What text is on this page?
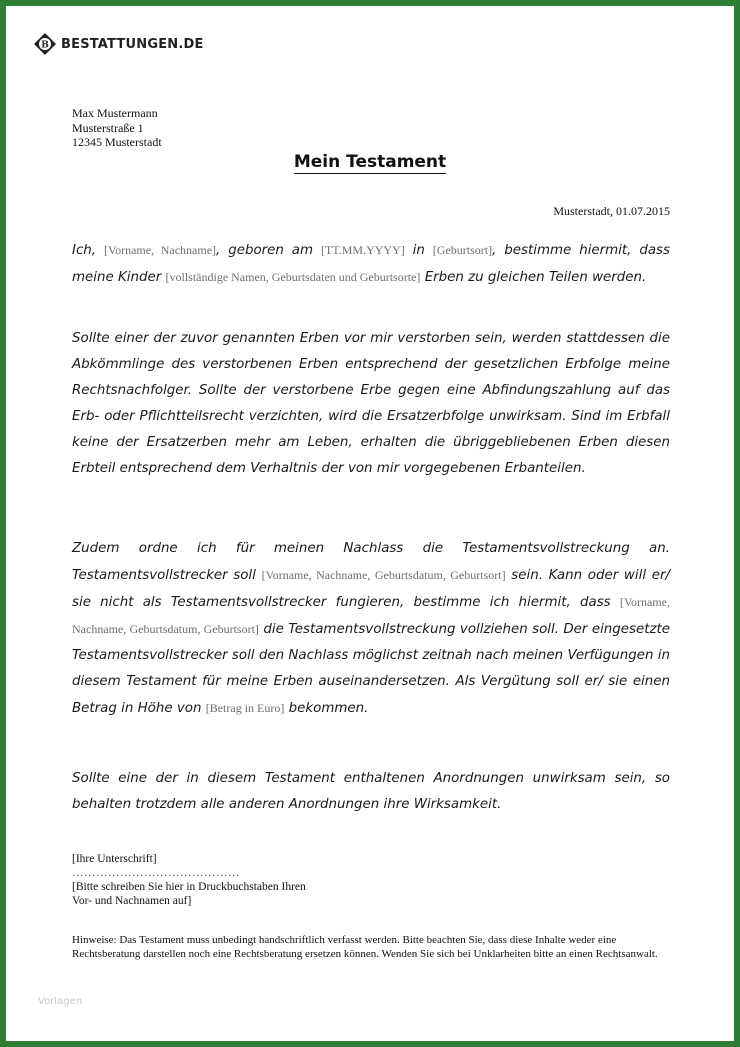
B BESTATTUNGEN.DE
Max Mustermann
Musterstraße 1
12345 Musterstadt
Mein Testament
Musterstadt, 01.07.2015
Ich, [Vorname, Nachname], geboren am [TT.MM.YYYY] in [Geburtsort], bestimme hiermit, dass meine Kinder [vollständige Namen, Geburtsdaten und Geburtsorte] Erben zu gleichen Teilen werden.
Sollte einer der zuvor genannten Erben vor mir verstorben sein, werden stattdessen die Abkömmlinge des verstorbenen Erben entsprechend der gesetzlichen Erbfolge meine Rechtsnachfolger. Sollte der verstorbene Erbe gegen eine Abfindungszahlung auf das Erb- oder Pflichtteilsrecht verzichten, wird die Ersatzerbfolge unwirksam. Sind im Erbfall keine der Ersatzerben mehr am Leben, erhalten die übriggebliebenen Erben diesen Erbteil entsprechend dem Verhaltnis der von mir vorgegebenen Erbanteilen.
Zudem ordne ich für meinen Nachlass die Testamentsvollstreckung an. Testamentsvollstrecker soll [Vorname, Nachname, Geburtsdatum, Geburtsort] sein. Kann oder will er/ sie nicht als Testamentsvollstrecker fungieren, bestimme ich hiermit, dass [Vorname, Nachname, Geburtsdatum, Geburtsort] die Testamentsvollstreckung vollziehen soll. Der eingesetzte Testamentsvollstrecker soll den Nachlass möglichst zeitnah nach meinen Verfügungen in diesem Testament für meine Erben auseinandersetzen. Als Vergütung soll er/ sie einen Betrag in Höhe von [Betrag in Euro] bekommen.
Sollte eine der in diesem Testament enthaltenen Anordnungen unwirksam sein, so behalten trotzdem alle anderen Anordnungen ihre Wirksamkeit.
[Ihre Unterschrift]
……………………………………
[Bitte schreiben Sie hier in Druckbuchstaben Ihren
Vor- und Nachnamen auf]
Hinweise: Das Testament muss unbedingt handschriftlich verfasst werden. Bitte beachten Sie, dass diese Inhalte weder eine Rechtsberatung darstellen noch eine Rechtsberatung ersetzen können. Wenden Sie sich bei Unklarheiten bitte an einen Rechtsanwalt.
Vorlagen
